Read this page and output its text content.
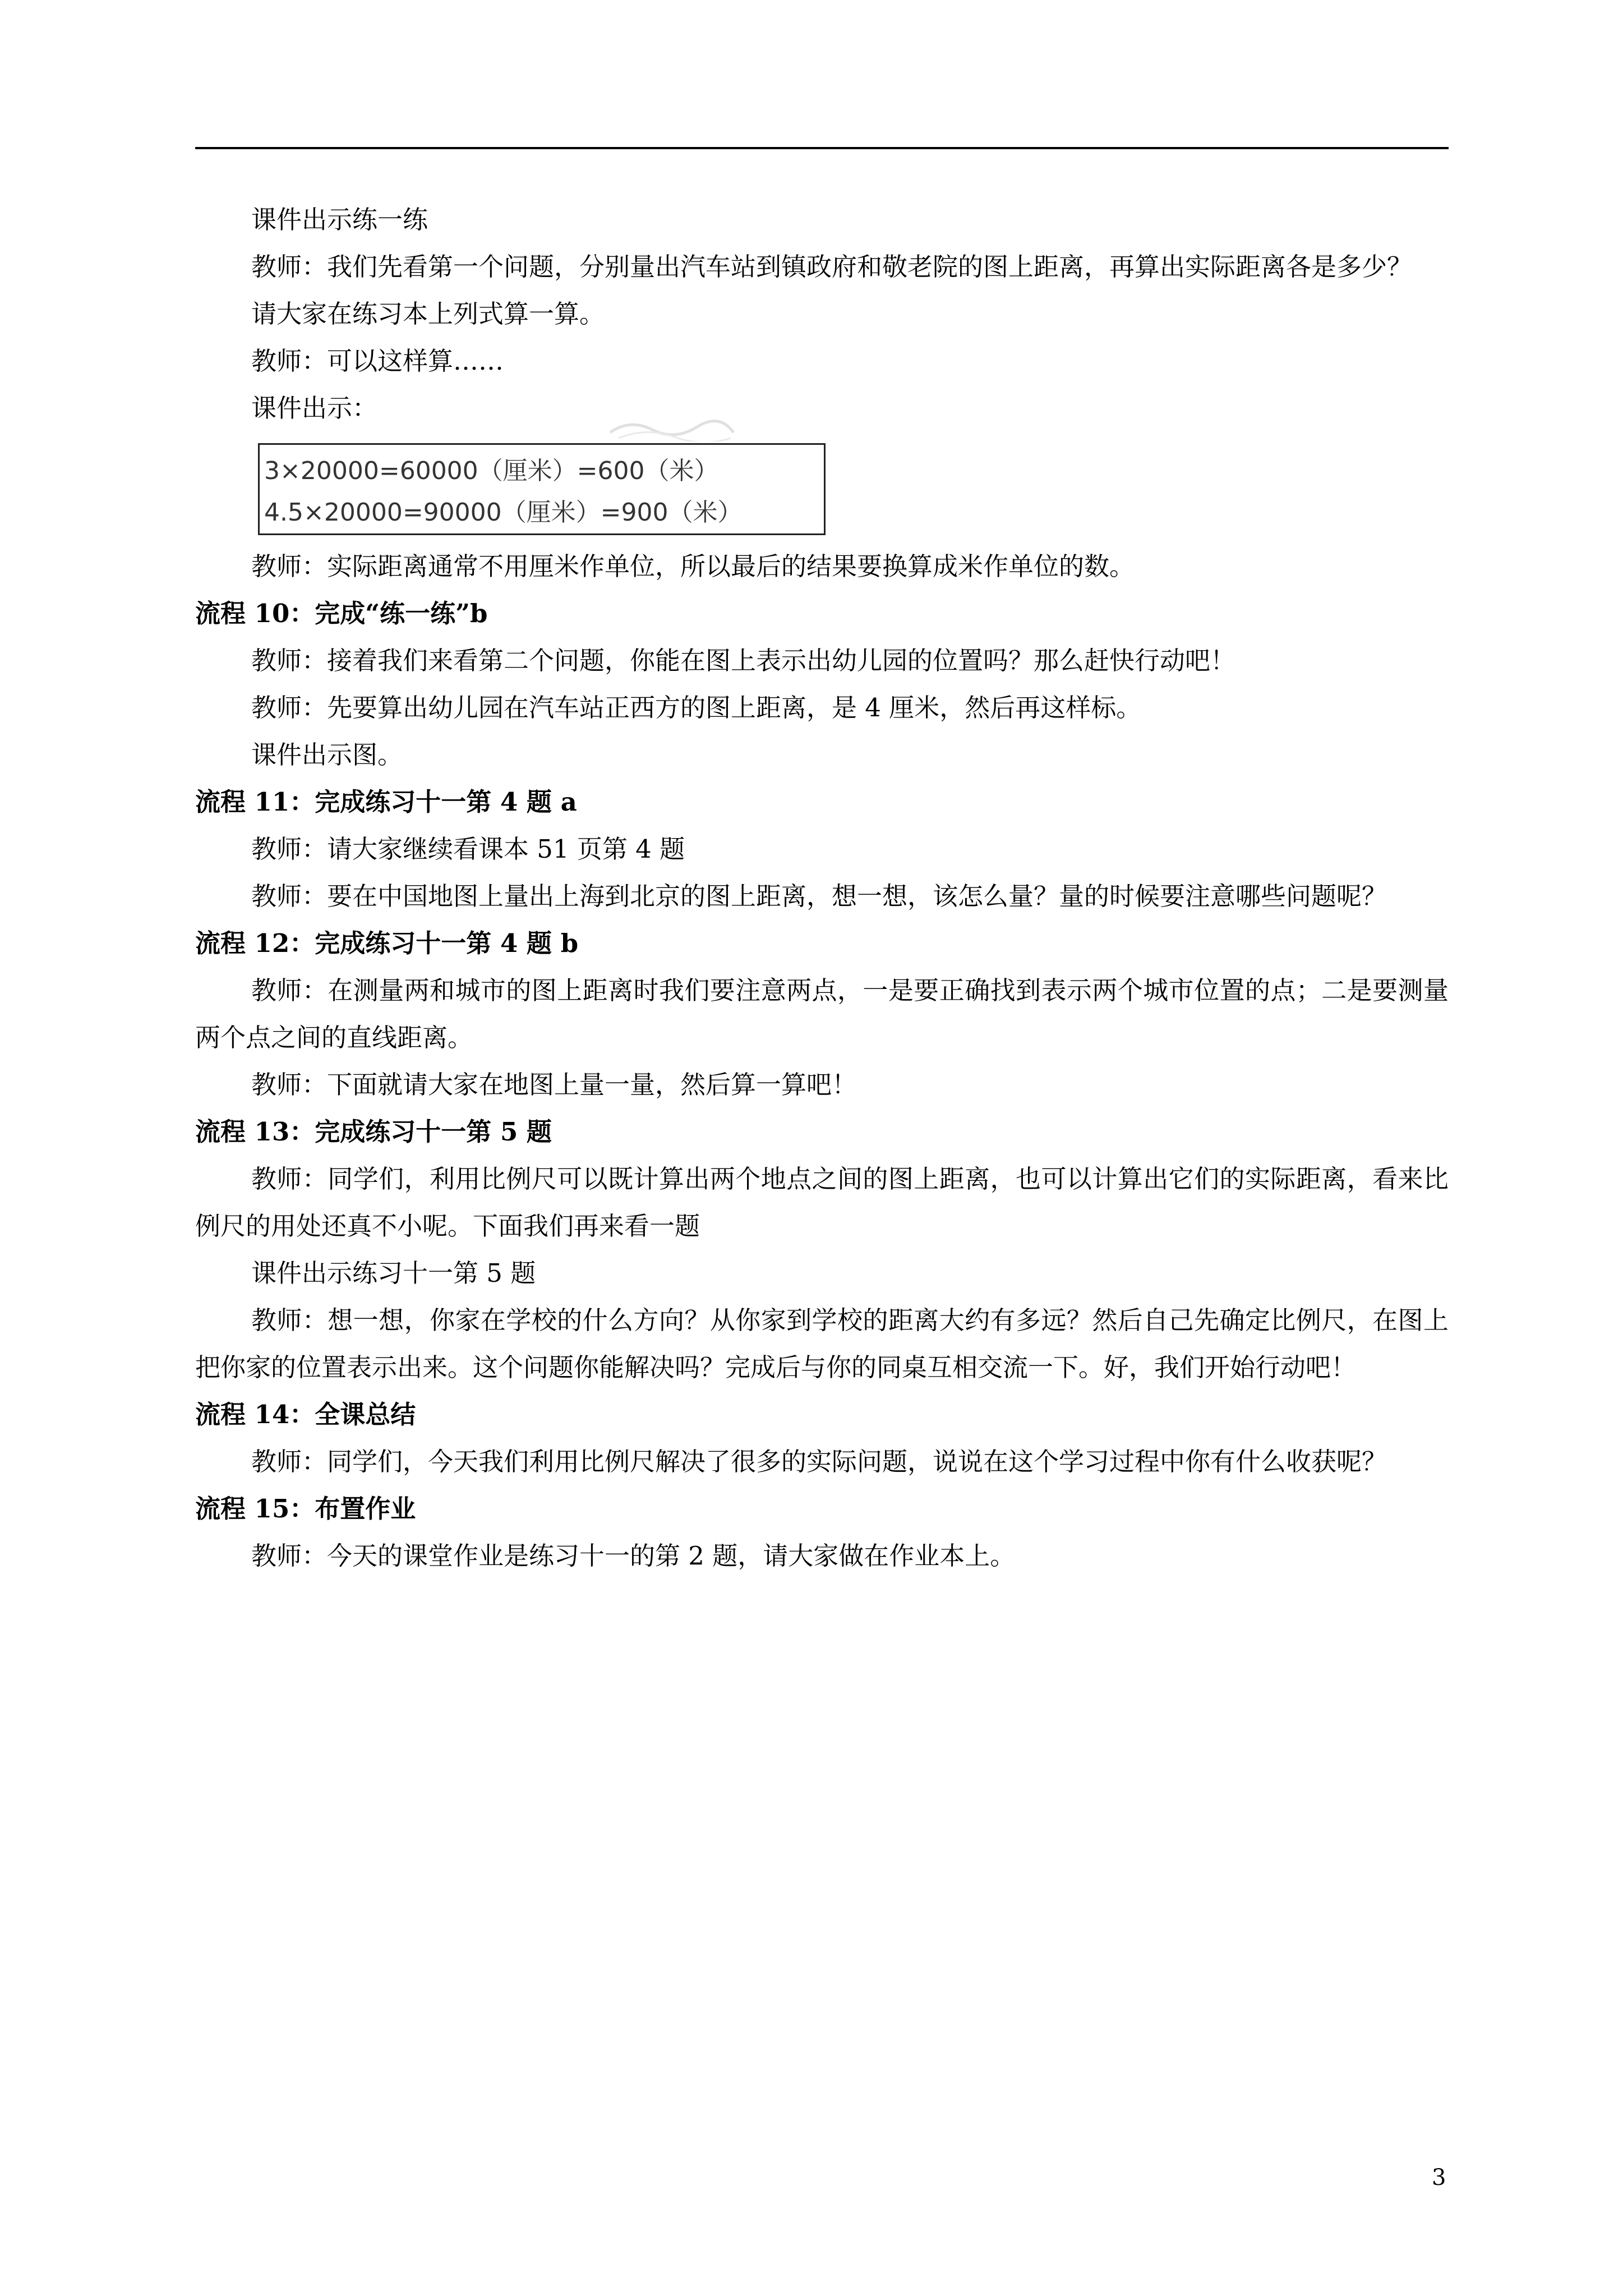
课件出示练一练

教师：我们先看第一个问题，分别量出汽车站到镇政府和敬老院的图上距离，再算出实际距离各是多少？

请大家在练习本上列式算一算。

教师：可以这样算……

课件出示：

3×20000=60000（厘米）=600（米）
4.5×20000=90000（厘米）=900（米）

教师：实际距离通常不用厘米作单位，所以最后的结果要换算成米作单位的数。

流程 10：完成“练一练”b

教师：接着我们来看第二个问题，你能在图上表示出幼儿园的位置吗？那么赶快行动吧！

教师：先要算出幼儿园在汽车站正西方的图上距离，是 4 厘米，然后再这样标。

课件出示图。

流程 11：完成练习十一第 4 题 a

教师：请大家继续看课本 51 页第 4 题

教师：要在中国地图上量出上海到北京的图上距离，想一想，该怎么量？量的时候要注意哪些问题呢？

流程 12：完成练习十一第 4 题 b

教师：在测量两和城市的图上距离时我们要注意两点，一是要正确找到表示两个城市位置的点；二是要测量两个点之间的直线距离。

教师：下面就请大家在地图上量一量，然后算一算吧！

流程 13：完成练习十一第 5 题

教师：同学们，利用比例尺可以既计算出两个地点之间的图上距离，也可以计算出它们的实际距离，看来比例尺的用处还真不小呢。下面我们再来看一题

课件出示练习十一第 5 题

教师：想一想，你家在学校的什么方向？从你家到学校的距离大约有多远？然后自己先确定比例尺，在图上把你家的位置表示出来。这个问题你能解决吗？完成后与你的同桌互相交流一下。好，我们开始行动吧！

流程 14：全课总结

教师：同学们，今天我们利用比例尺解决了很多的实际问题，说说在这个学习过程中你有什么收获呢？

流程 15：布置作业

教师：今天的课堂作业是练习十一的第 2 题，请大家做在作业本上。

3
